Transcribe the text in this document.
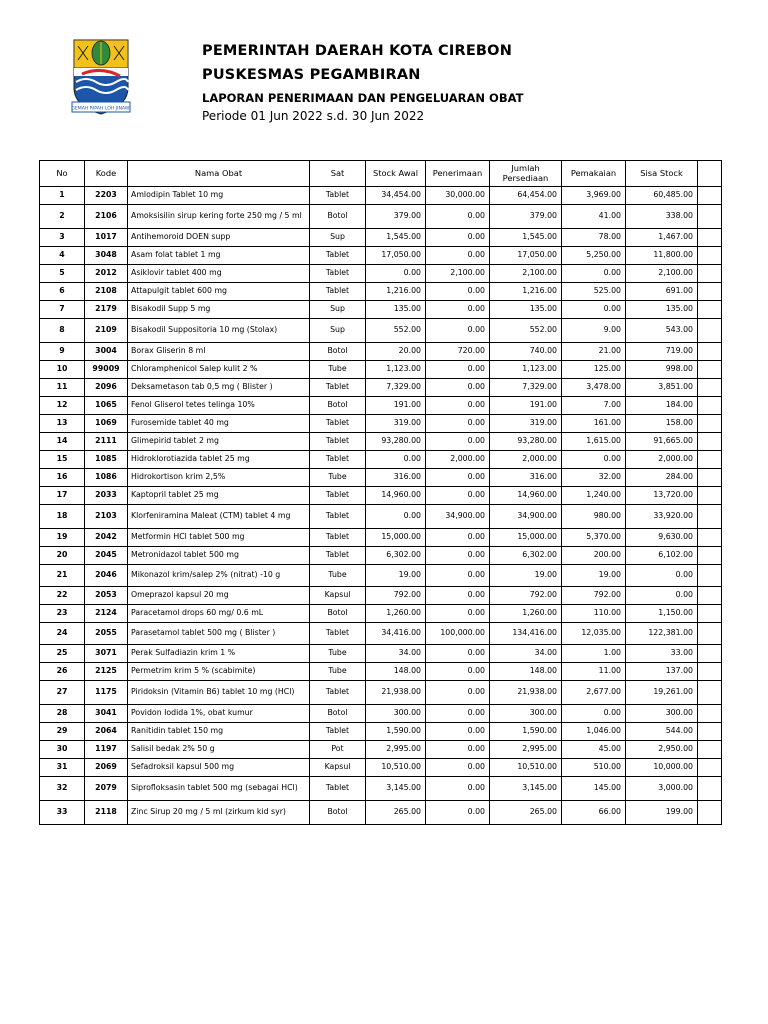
GEMAH RIPAH LOH JINAWI
PEMERINTAH DAERAH KOTA CIREBON
PUSKESMAS PEGAMBIRAN
LAPORAN PENERIMAAN DAN PENGELUARAN OBAT
Periode 01 Jun 2022 s.d. 30 Jun 2022
No	Kode	Nama Obat	Sat	Stock Awal	Penerimaan	Jumlah Persediaan	Pemakaian	Sisa Stock	
1	2203	Amlodipin Tablet 10 mg	Tablet	34,454.00	30,000.00	64,454.00	3,969.00	60,485.00	
2	2106	Amoksisilin sirup kering forte 250 mg / 5 ml	Botol	379.00	0.00	379.00	41.00	338.00	
3	1017	Antihemoroid DOEN supp	Sup	1,545.00	0.00	1,545.00	78.00	1,467.00	
4	3048	Asam folat tablet 1 mg	Tablet	17,050.00	0.00	17,050.00	5,250.00	11,800.00	
5	2012	Asiklovir tablet 400 mg	Tablet	0.00	2,100.00	2,100.00	0.00	2,100.00	
6	2108	Attapulgit tablet 600 mg	Tablet	1,216.00	0.00	1,216.00	525.00	691.00	
7	2179	Bisakodil Supp 5 mg	Sup	135.00	0.00	135.00	0.00	135.00	
8	2109	Bisakodil Suppositoria 10 mg (Stolax)	Sup	552.00	0.00	552.00	9.00	543.00	
9	3004	Borax Gliserin 8 ml	Botol	20.00	720.00	740.00	21.00	719.00	
10	99009	Chloramphenicol Salep kulit 2 %	Tube	1,123.00	0.00	1,123.00	125.00	998.00	
11	2096	Deksametason tab 0,5 mg ( Blister )	Tablet	7,329.00	0.00	7,329.00	3,478.00	3,851.00	
12	1065	Fenol Gliserol tetes telinga 10%	Botol	191.00	0.00	191.00	7.00	184.00	
13	1069	Furosemide tablet 40 mg	Tablet	319.00	0.00	319.00	161.00	158.00	
14	2111	Glimepirid tablet 2 mg	Tablet	93,280.00	0.00	93,280.00	1,615.00	91,665.00	
15	1085	Hidroklorotiazida tablet 25 mg	Tablet	0.00	2,000.00	2,000.00	0.00	2,000.00	
16	1086	Hidrokortison krim 2,5%	Tube	316.00	0.00	316.00	32.00	284.00	
17	2033	Kaptopril tablet 25 mg	Tablet	14,960.00	0.00	14,960.00	1,240.00	13,720.00	
18	2103	Klorfeniramina Maleat (CTM) tablet 4 mg	Tablet	0.00	34,900.00	34,900.00	980.00	33,920.00	
19	2042	Metformin HCl tablet 500 mg	Tablet	15,000.00	0.00	15,000.00	5,370.00	9,630.00	
20	2045	Metronidazol tablet 500 mg	Tablet	6,302.00	0.00	6,302.00	200.00	6,102.00	
21	2046	Mikonazol krim/salep 2% (nitrat) -10 g	Tube	19.00	0.00	19.00	19.00	0.00	
22	2053	Omeprazol kapsul 20 mg	Kapsul	792.00	0.00	792.00	792.00	0.00	
23	2124	Paracetamol drops 60 mg/ 0.6 mL	Botol	1,260.00	0.00	1,260.00	110.00	1,150.00	
24	2055	Parasetamol tablet 500 mg ( Blister )	Tablet	34,416.00	100,000.00	134,416.00	12,035.00	122,381.00	
25	3071	Perak Sulfadiazin krim 1 %	Tube	34.00	0.00	34.00	1.00	33.00	
26	2125	Permetrim krim 5 % (scabimite)	Tube	148.00	0.00	148.00	11.00	137.00	
27	1175	Piridoksin (Vitamin B6) tablet 10 mg (HCl)	Tablet	21,938.00	0.00	21,938.00	2,677.00	19,261.00	
28	3041	Povidon Iodida 1%, obat kumur	Botol	300.00	0.00	300.00	0.00	300.00	
29	2064	Ranitidin tablet 150 mg	Tablet	1,590.00	0.00	1,590.00	1,046.00	544.00	
30	1197	Salisil bedak 2% 50 g	Pot	2,995.00	0.00	2,995.00	45.00	2,950.00	
31	2069	Sefadroksil kapsul 500 mg	Kapsul	10,510.00	0.00	10,510.00	510.00	10,000.00	
32	2079	Siprofloksasin tablet 500 mg (sebagai HCl)	Tablet	3,145.00	0.00	3,145.00	145.00	3,000.00	
33	2118	Zinc Sirup 20 mg / 5 ml (zirkum kid syr)	Botol	265.00	0.00	265.00	66.00	199.00	
